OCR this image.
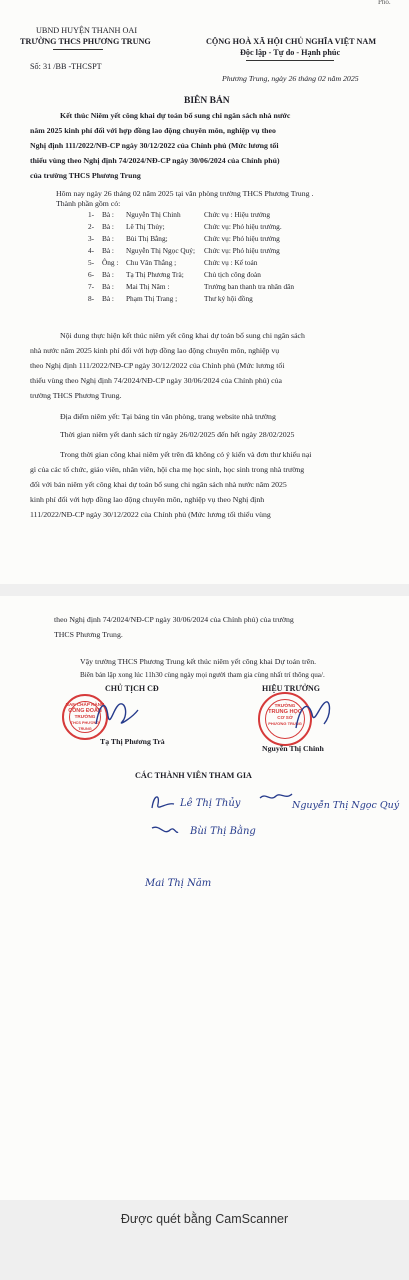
UBND HUYỆN THANH OAI
TRƯỜNG THCS PHƯƠNG TRUNG
Số: 31 /BB -THCSPT
CỘNG HOÀ XÃ HỘI CHỦ NGHĨA VIỆT NAM
Độc lập - Tự do - Hạnh phúc
Phương Trung, ngày 26 tháng 02 năm 2025
Pho.
BIÊN BẢN
Kết thúc Niêm yết công khai dự toán bổ sung chi ngân sách nhà nước
năm 2025 kinh phí đối với hợp đồng lao động chuyên môn, nghiệp vụ theo
Nghị định 111/2022/NĐ-CP ngày 30/12/2022 của Chính phủ (Mức lương tối
thiểu vùng theo Nghị định 74/2024/NĐ-CP ngày 30/06/2024 của Chính phủ)
của trường THCS Phương Trung
Hôm nay ngày 26 tháng 02 năm 2025 tại văn phòng trường THCS Phương Trung .
Thành phần gồm có:
1- Bà : Nguyễn Thị Chinh	Chức vụ : Hiệu trưởng
2- Bà : Lê Thị Thủy;	Chức vụ: Phó hiệu trưởng.
3- Bà : Bùi Thị Bằng;	Chức vụ: Phó hiệu trưởng
4- Bà : Nguyễn Thị Ngọc Quý; Chức vụ: Phó hiệu trưởng
5- Ông : Chu Văn Thắng ;	Chức vụ : Kế toán
6- Bà : Tạ Thị Phương Trà;	Chủ tịch công đoàn
7- Bà : Mai Thị Năm :	Trưởng ban thanh tra nhân dân
8- Bà : Phạm Thị Trang ;	Thư ký hội đồng
Nội dung thực hiện kết thúc niêm yết công khai dự toán bổ sung chi ngân sách
nhà nước năm 2025 kinh phí đối với hợp đồng lao động chuyên môn, nghiệp vụ
theo Nghị định 111/2022/NĐ-CP ngày 30/12/2022 của Chính phủ (Mức lương tối
thiểu vùng theo Nghị định 74/2024/NĐ-CP ngày 30/06/2024 của Chính phủ) của
trường THCS Phương Trung.
Địa điểm niêm yết: Tại bảng tin văn phòng, trang website nhà trường
Thời gian niêm yết danh sách từ ngày 26/02/2025 đến hết ngày 28/02/2025
Trong thời gian công khai niêm yết trên đã không có ý kiến và đơn thư khiếu nại
gì của các tổ chức, giáo viên, nhân viên, hội cha mẹ học sinh, học sinh trong nhà trường
đối với bản niêm yết công khai dự toán bổ sung chi ngân sách nhà nước năm 2025
kinh phí đối với hợp đồng lao động chuyên môn, nghiệp vụ theo Nghị định
111/2022/NĐ-CP ngày 30/12/2022 của Chính phủ (Mức lương tối thiểu vùng
theo Nghị định 74/2024/NĐ-CP ngày 30/06/2024 của Chính phủ) của trường
THCS Phương Trung.
Vậy trường THCS Phương Trung kết thúc niêm yết công khai Dự toán trên.
Biên bản lập xong lúc 11h30 cùng ngày mọi người tham gia cùng nhất trí thông qua/.
CHỦ TỊCH CĐ
BAN CHẤP HÀNH
CÔNG ĐOÀN
TRƯỜNG
THCS PHƯƠNG TRUNG
Tạ Thị Phương Trà
HIỆU TRƯỞNG
TRƯỜNG
TRUNG HỌC
CƠ SỞ
PHƯƠNG TRUNG
Nguyễn Thị Chinh
CÁC THÀNH VIÊN THAM GIA
Lê Thị Thủy	Nguyễn Thị Ngọc Quý
Bùi Thị Bằng
Mai Thị Năm
Được quét bằng CamScanner
